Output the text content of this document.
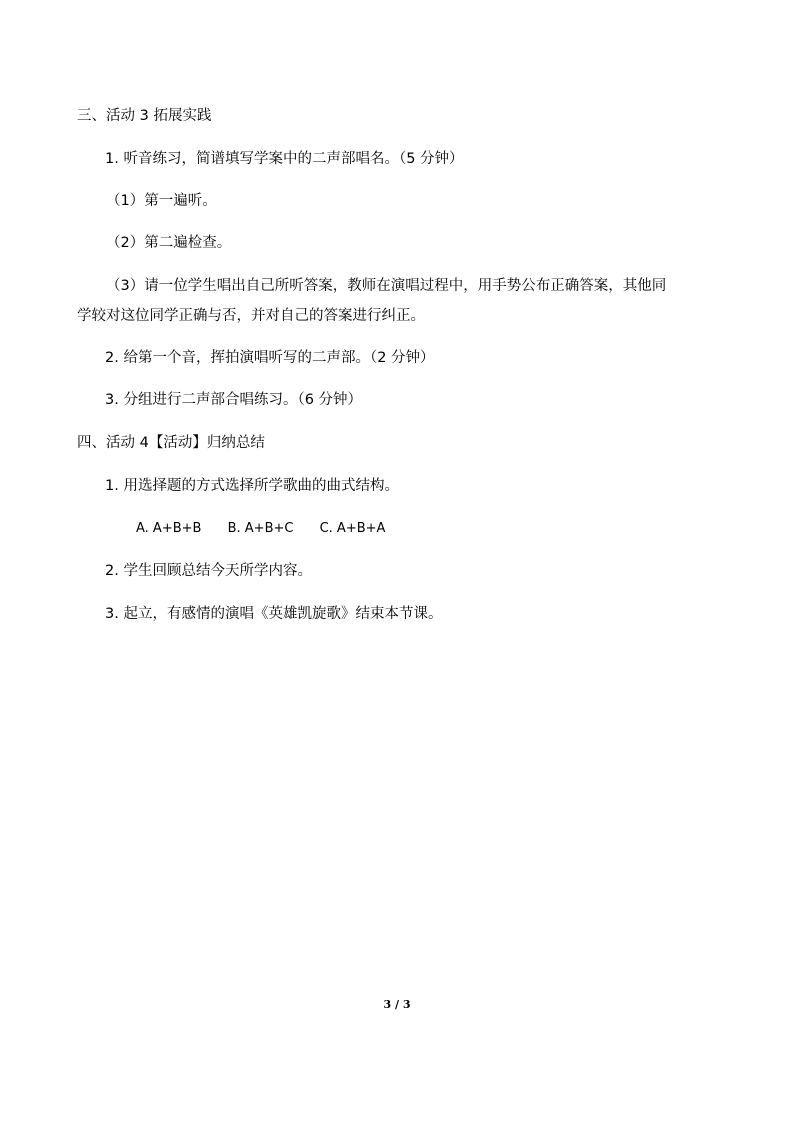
三、活动 3 拓展实践
1. 听音练习，简谱填写学案中的二声部唱名。（5 分钟）
（1）第一遍听。
（2）第二遍检查。
（3）请一位学生唱出自己所听答案，教师在演唱过程中，用手势公布正确答案，其他同
学较对这位同学正确与否，并对自己的答案进行纠正。
2. 给第一个音，挥拍演唱听写的二声部。（2 分钟）
3. 分组进行二声部合唱练习。（6 分钟）
四、活动 4【活动】归纳总结
1. 用选择题的方式选择所学歌曲的曲式结构。
A. A+B+B B. A+B+C C. A+B+A
2. 学生回顾总结今天所学内容。
3. 起立，有感情的演唱《英雄凯旋歌》结束本节课。
3 / 3
